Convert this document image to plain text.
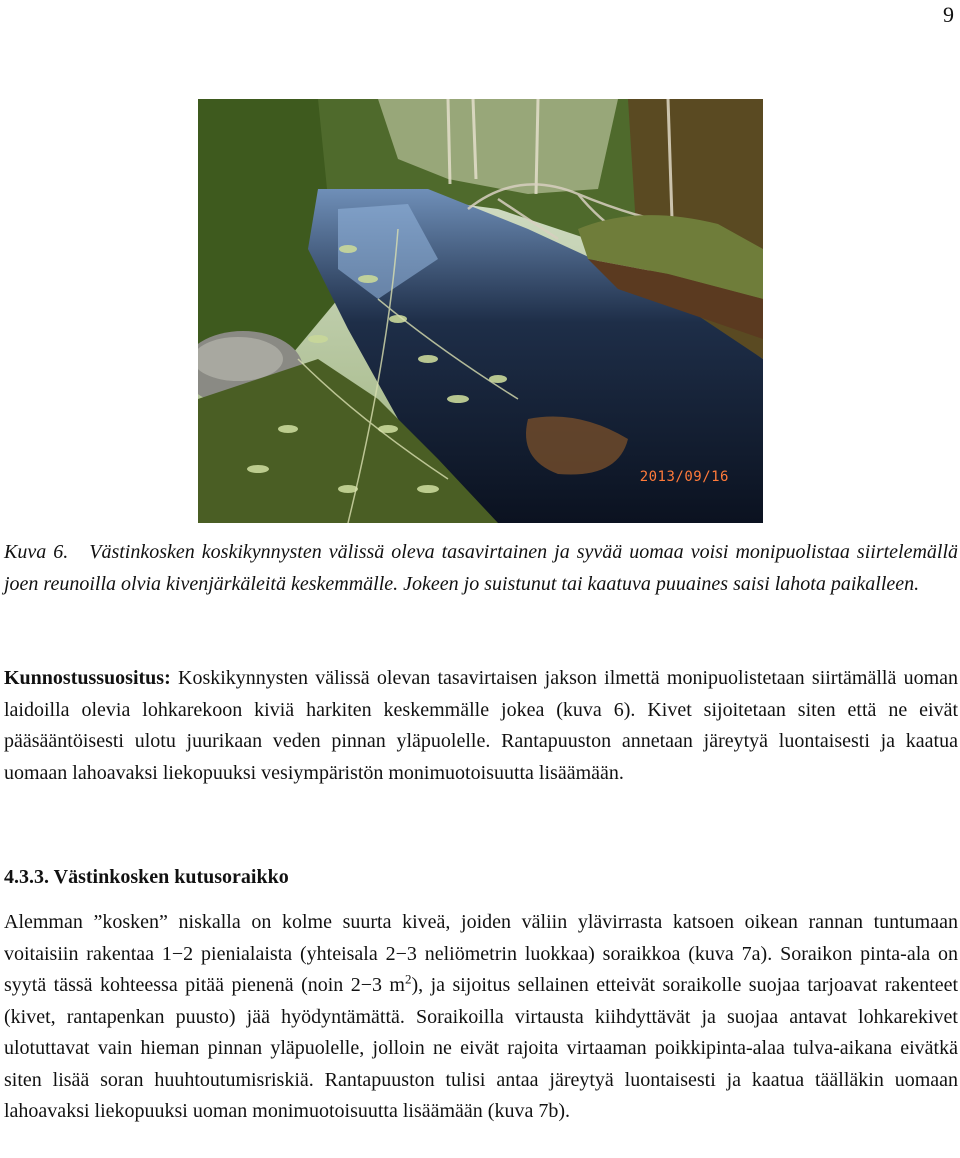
9
2013/09/16
Kuva 6. Västinkosken koskikynnysten välissä oleva tasavirtainen ja syvää uomaa voisi monipuolistaa siirtelemällä joen reunoilla olvia kivenjärkäleitä keskemmälle. Jokeen jo suistunut tai kaatuva puuaines saisi lahota paikalleen.
Kunnostussuositus: Koskikynnysten välissä olevan tasavirtaisen jakson ilmettä monipuolistetaan siirtämällä uoman laidoilla olevia lohkarekoon kiviä harkiten keskemmälle jokea (kuva 6). Kivet sijoitetaan siten että ne eivät pääsääntöisesti ulotu juurikaan veden pinnan yläpuolelle. Rantapuuston annetaan järeytyä luontaisesti ja kaatua uomaan lahoavaksi liekopuuksi vesiympäristön monimuotoisuutta lisäämään.
4.3.3. Västinkosken kutusoraikko
Alemman ”kosken” niskalla on kolme suurta kiveä, joiden väliin ylävirrasta katsoen oikean rannan tuntumaan voitaisiin rakentaa 1−2 pienialaista (yhteisala 2−3 neliömetrin luokkaa) soraikkoa (kuva 7a). Soraikon pinta-ala on syytä tässä kohteessa pitää pienenä (noin 2−3 $m^2$), ja sijoitus sellainen etteivät soraikolle suojaa tarjoavat rakenteet (kivet, rantapenkan puusto) jää hyödyntämättä. Soraikoilla virtausta kiihdyttävät ja suojaa antavat lohkarekivet ulotuttavat vain hieman pinnan yläpuolelle, jolloin ne eivät rajoita virtaaman poikkipinta-alaa tulva-aikana eivätkä siten lisää soran huuhtoutumisriskiä. Rantapuuston tulisi antaa järeytyä luontaisesti ja kaatua täälläkin uomaan lahoavaksi liekopuuksi uoman monimuotoisuutta lisäämään (kuva 7b).
